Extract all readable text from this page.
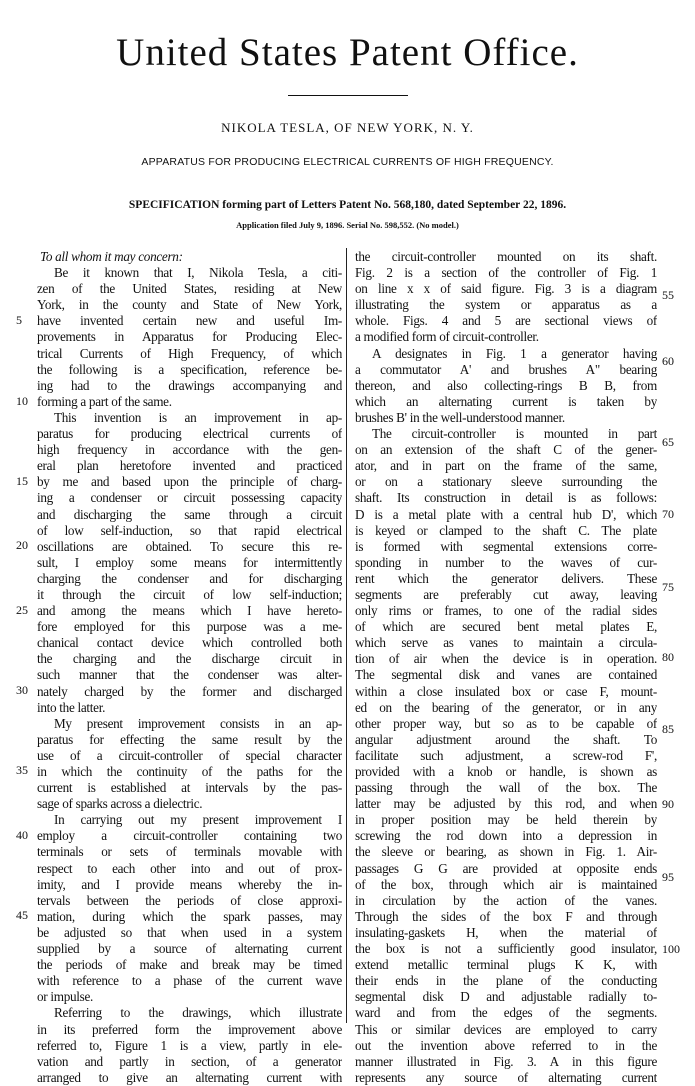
United States Patent Office.
NIKOLA TESLA, OF NEW YORK, N. Y.
APPARATUS FOR PRODUCING ELECTRICAL CURRENTS OF HIGH FREQUENCY.
SPECIFICATION forming part of Letters Patent No. 568,180, dated September 22, 1896.
Application filed July 9, 1896. Serial No. 598,552. (No model.)
To all whom it may concern:
Be it known that I, Nikola Tesla, a citi-
zen of the United States, residing at New
York, in the county and State of New York,
have invented certain new and useful Im-
provements in Apparatus for Producing Elec-
trical Currents of High Frequency, of which
the following is a specification, reference be-
ing had to the drawings accompanying and
forming a part of the same.
This invention is an improvement in ap-
paratus for producing electrical currents of
high frequency in accordance with the gen-
eral plan heretofore invented and practiced
by me and based upon the principle of charg-
ing a condenser or circuit possessing capacity
and discharging the same through a circuit
of low self-induction, so that rapid electrical
oscillations are obtained. To secure this re-
sult, I employ some means for intermittently
charging the condenser and for discharging
it through the circuit of low self-induction;
and among the means which I have hereto-
fore employed for this purpose was a me-
chanical contact device which controlled both
the charging and the discharge circuit in
such manner that the condenser was alter-
nately charged by the former and discharged
into the latter.
My present improvement consists in an ap-
paratus for effecting the same result by the
use of a circuit-controller of special character
in which the continuity of the paths for the
current is established at intervals by the pas-
sage of sparks across a dielectric.
In carrying out my present improvement I
employ a circuit-controller containing two
terminals or sets of terminals movable with
respect to each other into and out of prox-
imity, and I provide means whereby the in-
tervals between the periods of close approxi-
mation, during which the spark passes, may
be adjusted so that when used in a system
supplied by a source of alternating current
the periods of make and break may be timed
with reference to a phase of the current wave
or impulse.
Referring to the drawings, which illustrate
in its preferred form the improvement above
referred to, Figure 1 is a view, partly in ele-
vation and partly in section, of a generator
arranged to give an alternating current with
the circuit-controller mounted on its shaft.
Fig. 2 is a section of the controller of Fig. 1
on line x x of said figure. Fig. 3 is a diagram
illustrating the system or apparatus as a
whole. Figs. 4 and 5 are sectional views of
a modified form of circuit-controller.
A designates in Fig. 1 a generator having
a commutator A' and brushes A" bearing
thereon, and also collecting-rings B B, from
which an alternating current is taken by
brushes B' in the well-understood manner.
The circuit-controller is mounted in part
on an extension of the shaft C of the gener-
ator, and in part on the frame of the same,
or on a stationary sleeve surrounding the
shaft. Its construction in detail is as follows:
D is a metal plate with a central hub D', which
is keyed or clamped to the shaft C. The plate
is formed with segmental extensions corre-
sponding in number to the waves of cur-
rent which the generator delivers. These
segments are preferably cut away, leaving
only rims or frames, to one of the radial sides
of which are secured bent metal plates E,
which serve as vanes to maintain a circula-
tion of air when the device is in operation.
The segmental disk and vanes are contained
within a close insulated box or case F, mount-
ed on the bearing of the generator, or in any
other proper way, but so as to be capable of
angular adjustment around the shaft. To
facilitate such adjustment, a screw-rod F',
provided with a knob or handle, is shown as
passing through the wall of the box. The
latter may be adjusted by this rod, and when
in proper position may be held therein by
screwing the rod down into a depression in
the sleeve or bearing, as shown in Fig. 1. Air-
passages G G are provided at opposite ends
of the box, through which air is maintained
in circulation by the action of the vanes.
Through the sides of the box F and through
insulating-gaskets H, when the material of
the box is not a sufficiently good insulator,
extend metallic terminal plugs K K, with
their ends in the plane of the conducting
segmental disk D and adjustable radially to-
ward and from the edges of the segments.
This or similar devices are employed to carry
out the invention above referred to in the
manner illustrated in Fig. 3. A in this figure
represents any source of alternating current
5
10
15
20
25
30
35
40
45
55
60
65
70
75
80
85
90
95
100
